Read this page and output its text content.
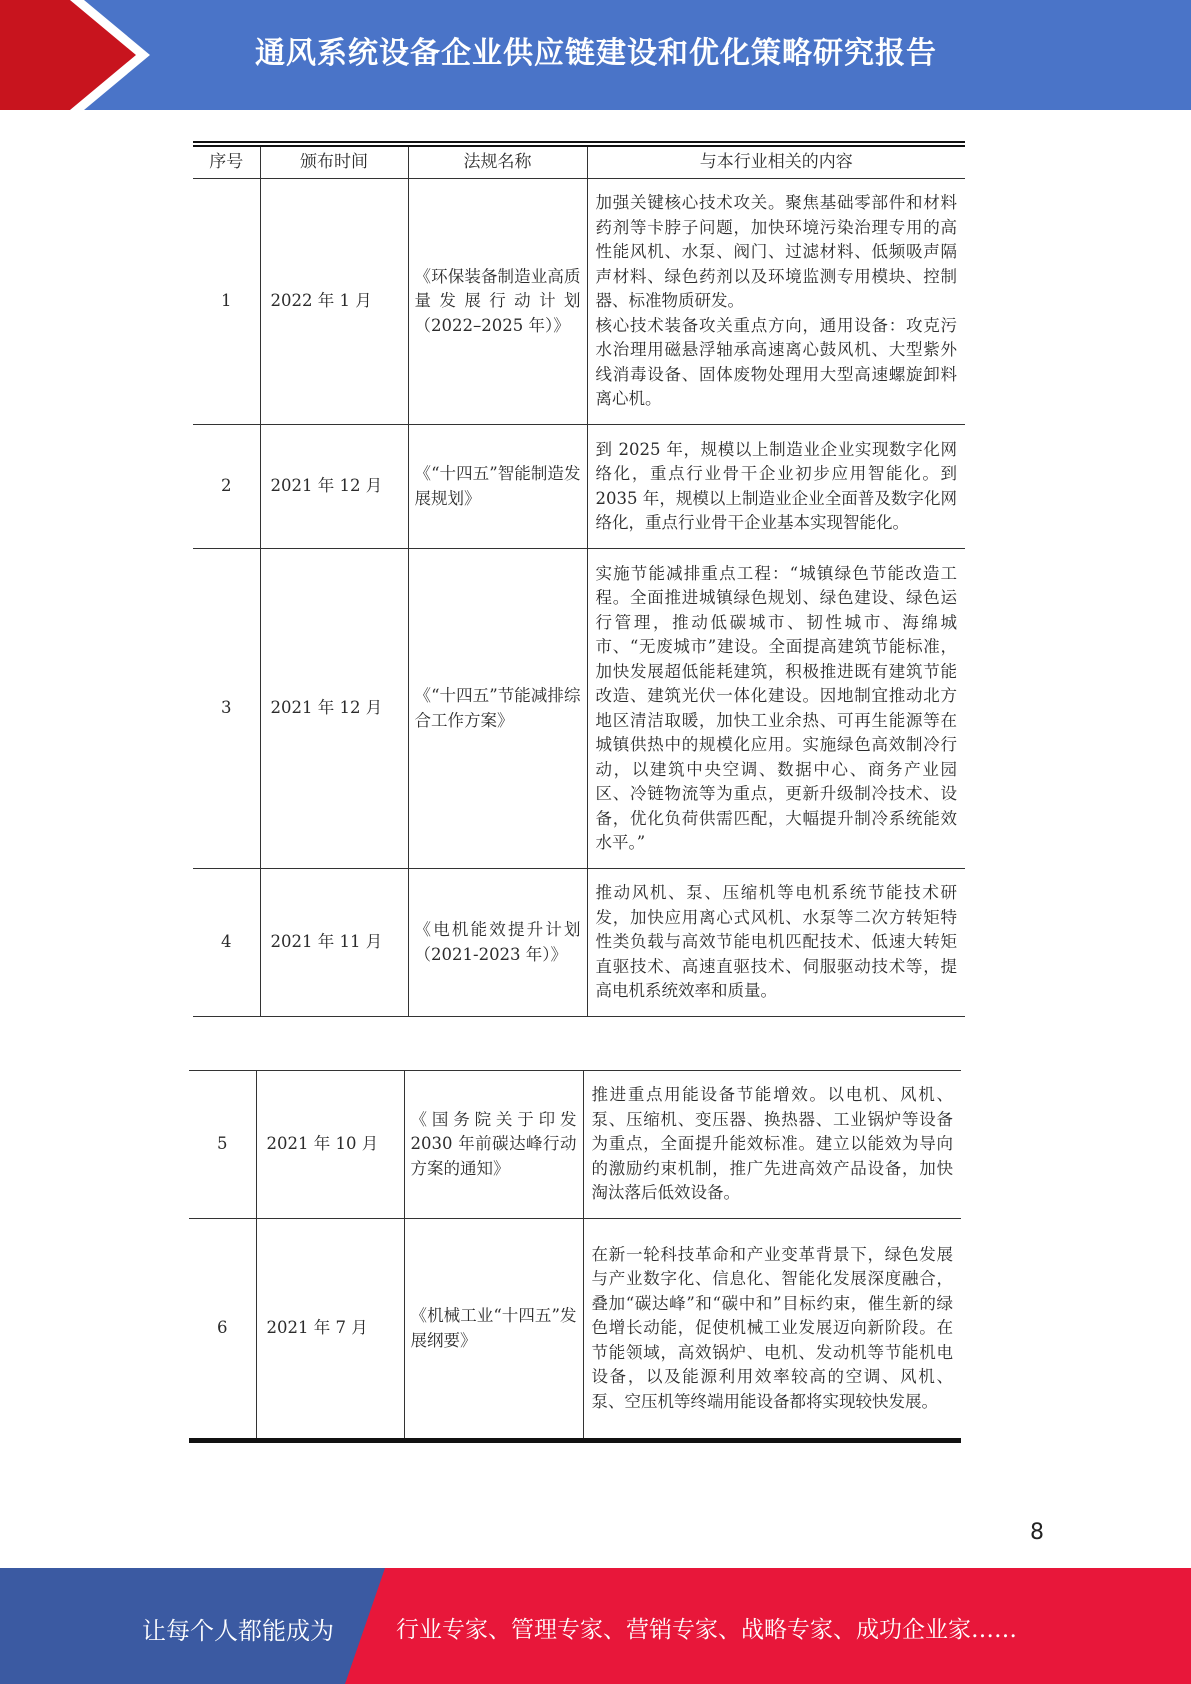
通风系统设备企业供应链建设和优化策略研究报告
序号	颁布时间	法规名称	与本行业相关的内容
1	2022 年 1 月	《环保装备制造业高质量发展行动计划 （2022–2025 年）》	加强关键核心技术攻关。聚焦基础零部件和材料药剂等卡脖子问题，加快环境污染治理专用的高性能风机、水泵、阀门、过滤材料、低频吸声隔声材料、绿色药剂以及环境监测专用模块、控制器、标准物质研发。
核心技术装备攻关重点方向，通用设备：攻克污水治理用磁悬浮轴承高速离心鼓风机、大型紫外线消毒设备、固体废物处理用大型高速螺旋卸料离心机。
2	2021 年 12 月	《“十四五”智能制造发展规划》	到 2025 年，规模以上制造业企业实现数字化网络化，重点行业骨干企业初步应用智能化。到 2035 年，规模以上制造业企业全面普及数字化网络化，重点行业骨干企业基本实现智能化。
3	2021 年 12 月	《“十四五”节能减排综合工作方案》	实施节能减排重点工程：“城镇绿色节能改造工程。全面推进城镇绿色规划、绿色建设、绿色运行管理，推动低碳城市、韧性城市、海绵城市、“无废城市”建设。全面提高建筑节能标准，加快发展超低能耗建筑，积极推进既有建筑节能改造、建筑光伏一体化建设。因地制宜推动北方地区清洁取暖，加快工业余热、可再生能源等在城镇供热中的规模化应用。实施绿色高效制冷行动，以建筑中央空调、数据中心、商务产业园区、冷链物流等为重点，更新升级制冷技术、设备，优化负荷供需匹配，大幅提升制冷系统能效水平。”
4	2021 年 11 月	《电机能效提升计划 （2021-2023 年）》	推动风机、泵、压缩机等电机系统节能技术研发，加快应用离心式风机、水泵等二次方转矩特性类负载与高效节能电机匹配技术、低速大转矩直驱技术、高速直驱技术、伺服驱动技术等，提高电机系统效率和质量。
5	2021 年 10 月	《国务院关于印发 2030 年前碳达峰行动方案的通知》	推进重点用能设备节能增效。以电机、风机、泵、压缩机、变压器、换热器、工业锅炉等设备为重点，全面提升能效标准。建立以能效为导向的激励约束机制，推广先进高效产品设备，加快淘汰落后低效设备。
6	2021 年 7 月	《机械工业“十四五”发展纲要》	在新一轮科技革命和产业变革背景下，绿色发展与产业数字化、信息化、智能化发展深度融合，叠加“碳达峰”和“碳中和”目标约束，催生新的绿色增长动能，促使机械工业发展迈向新阶段。在节能领域，高效锅炉、电机、发动机等节能机电设备，以及能源利用效率较高的空调、风机、泵、空压机等终端用能设备都将实现较快发展。
8
让每个人都能成为	行业专家、管理专家、营销专家、战略专家、成功企业家……
